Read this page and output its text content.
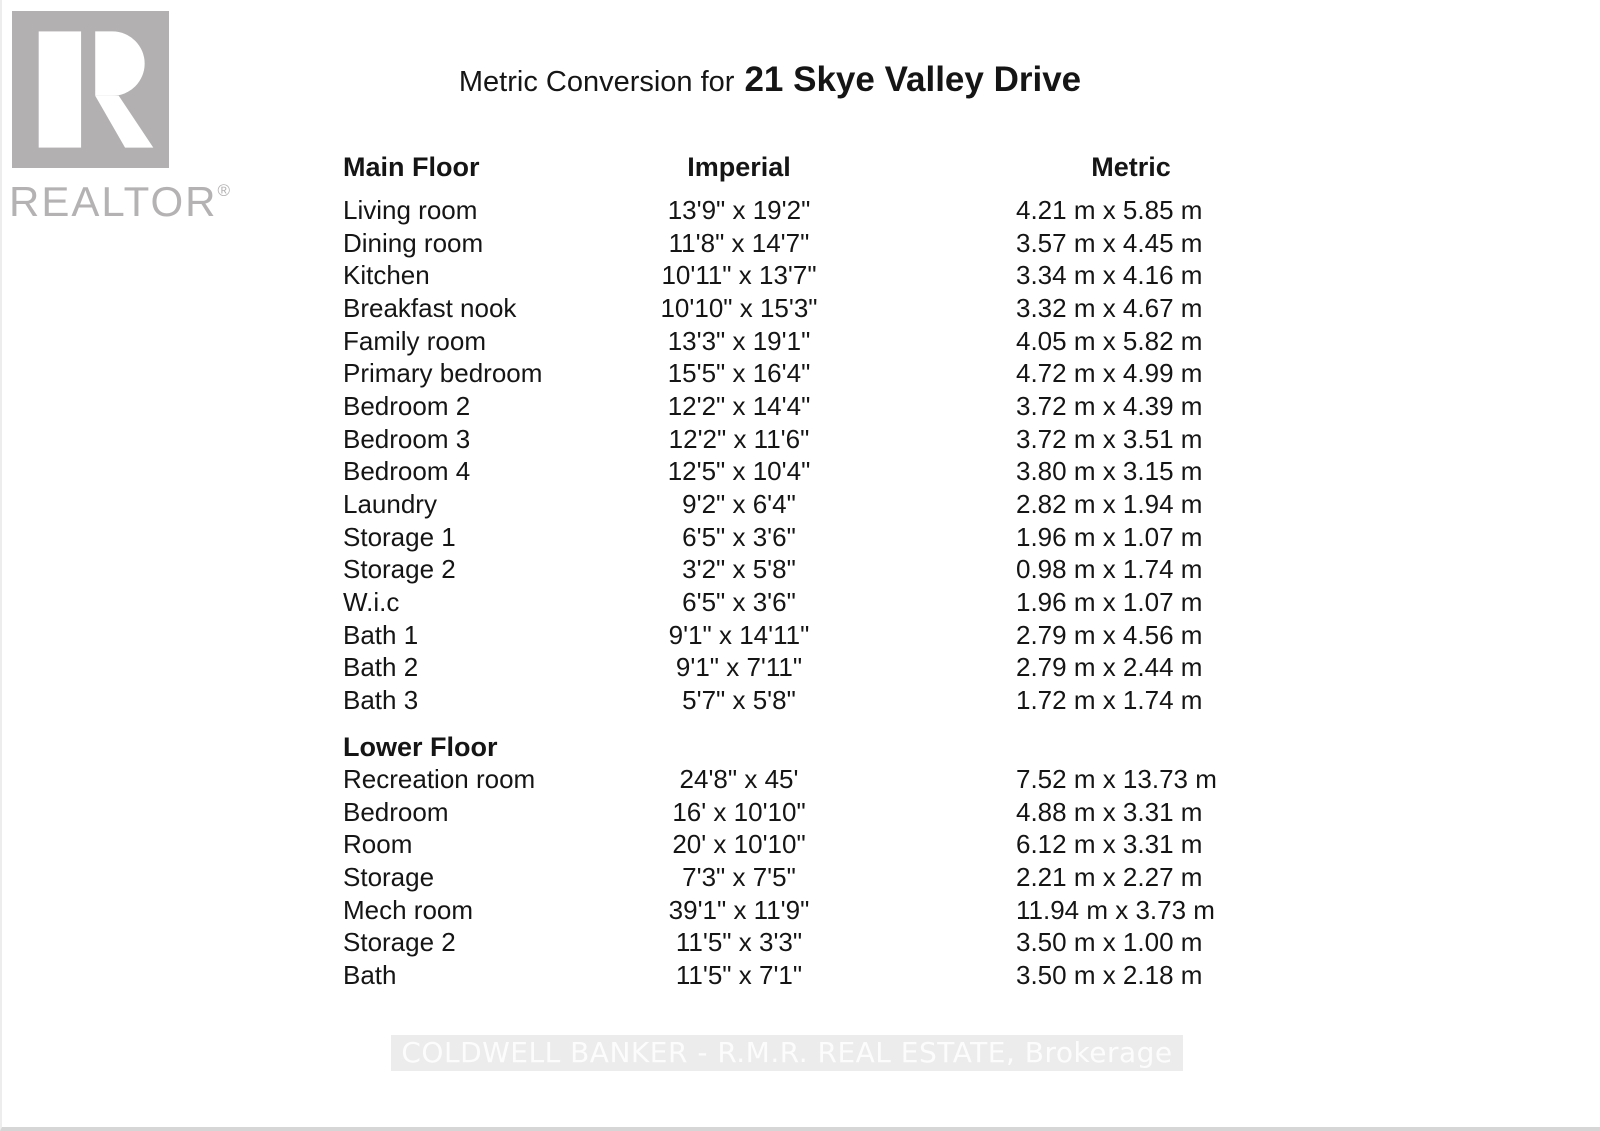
REALTOR®
Metric Conversion for 21 Skye Valley Drive
Main Floor	Imperial	Metric
Living room	13'9" x 19'2"	4.21 m x 5.85 m
Dining room	11'8" x 14'7"	3.57 m x 4.45 m
Kitchen	10'11" x 13'7"	3.34 m x 4.16 m
Breakfast nook	10'10" x 15'3"	3.32 m x 4.67 m
Family room	13'3" x 19'1"	4.05 m x 5.82 m
Primary bedroom	15'5" x 16'4"	4.72 m x 4.99 m
Bedroom 2	12'2" x 14'4"	3.72 m x 4.39 m
Bedroom 3	12'2" x 11'6"	3.72 m x 3.51 m
Bedroom 4	12'5" x 10'4"	3.80 m x 3.15 m
Laundry	9'2" x 6'4"	2.82 m x 1.94 m
Storage 1	6'5" x 3'6"	1.96 m x 1.07 m
Storage 2	3'2" x 5'8"	0.98 m x 1.74 m
W.i.c	6'5" x 3'6"	1.96 m x 1.07 m
Bath 1	9'1" x 14'11"	2.79 m x 4.56 m
Bath 2	9'1" x 7'11"	2.79 m x 2.44 m
Bath 3	5'7" x 5'8"	1.72 m x 1.74 m
Lower Floor
Recreation room	24'8" x 45'	7.52 m x 13.73 m
Bedroom	16' x 10'10"	4.88 m x 3.31 m
Room	20' x 10'10"	6.12 m x 3.31 m
Storage	7'3" x 7'5"	2.21 m x 2.27 m
Mech room	39'1" x 11'9"	11.94 m x 3.73 m
Storage 2	11'5" x 3'3"	3.50 m x 1.00 m
Bath	11'5" x 7'1"	3.50 m x 2.18 m
COLDWELL BANKER - R.M.R. REAL ESTATE, Brokerage
